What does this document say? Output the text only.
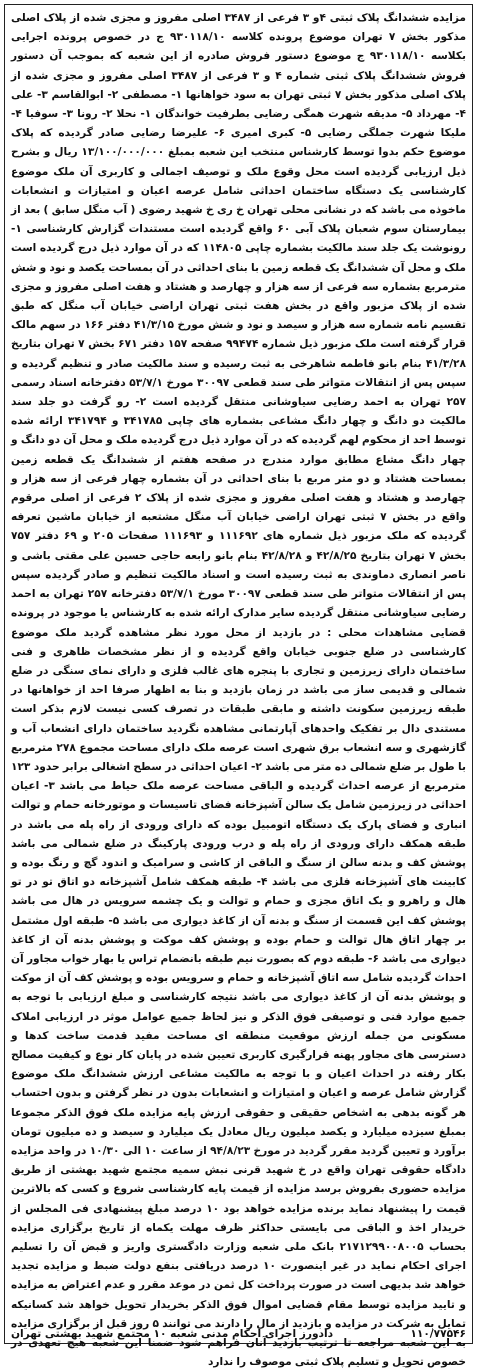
مزایده ششدانگ پلاک ثبتی ۴و ۳ فرعی از ۳۴۸۷ اصلی مفروز و مجزی شده از پلاک اصلی مذکور بخش ۷ تهران موضوع پرونده کلاسه ۹۳۰۱۱۸/۱۰ ج در خصوص پرونده اجرایی بکلاسه ۹۳۰۱۱۸/۱۰ ج موضوع دستور فروش صادره از این شعبه که بموجب آن دستور فروش ششدانگ پلاک ثبتی شماره ۴ و ۳ فرعی از ۳۴۸۷ اصلی مفروز و مجزی شده از پلاک اصلی مذکور بخش ۷ ثبتی تهران به سود خواهانها ۱- مصطفی ۲- ابوالقاسم ۳- علی ۴- مهرداد ۵- مدیقه شهرت همگی رضایی بطرفیت خواندگان ۱- نحلا ۲- رونا ۳- سوفیا ۴- ملیکا شهرت جملگی رضایی ۵- کبری امیری ۶- علیرضا رضایی صادر گردیده که پلاک موضوع حکم بدوا توسط کارشناس منتخب این شعبه بمبلغ ۱۳/۱۰۰/۰۰۰/۰۰۰ ریال و بشرح ذیل ارزیابی گردیده است محل وقوع ملک و توصیف اجمالی و کاربری آن ملک موضوع کارشناسی یک دستگاه ساختمان احداثی شامل عرصه اعیان و امتیازات و انشعابات ماخوذه می باشد که در نشانی محلی تهران خ ری خ شهید رضوی ( آب منگل سابق ) بعد از بیمارستان سوم شعبان پلاک آبی ۶۰ واقع گردیده است مستندات گزارش کارشناسی ۱- رونوشت یک جلد سند مالکیت بشماره چاپی ۱۱۴۸۰۵ که در آن موارد ذیل درج گردیده است ملک و محل آن ششدانگ یک قطعه زمین با بنای احداثی در آن بمساحت یکصد و نود و شش مترمربع بشماره سه فرعی از سه هزار و چهارصد و هشتاد و هفت اصلی مفروز و مجزی شده از پلاک مزبور واقع در بخش هفت ثبتی تهران اراضی خیابان آب منگل که طبق تقسیم نامه شماره سه هزار و سیصد و نود و شش مورخ ۴۱/۳/۱۵ دفتر ۱۶۶ در سهم مالک قرار گرفته است ملک مزبور ذیل شماره ۹۹۴۷۴ صفحه ۱۵۷ دفتر ۶۷۱ بخش ۷ تهران بتاریخ ۴۱/۳/۲۸ بنام بانو فاطمه شاهرخی به ثبت رسیده و سند مالکیت صادر و تنظیم گردیده و سپس پس از انتقالات متواتر طی سند قطعی ۳۰۰۹۷ مورخ ۵۳/۷/۱ دفترخانه اسناد رسمی ۲۵۷ تهران به احمد رضایی سیاوشانی منتقل گردیده است ۲- رو گرفت دو جلد سند مالکیت دو دانگ و چهار دانگ مشاعی بشماره های چاپی ۳۴۱۷۸۵ و ۳۴۱۷۹۴ ارائه شده توسط احد از محکوم لهم گردیده که در آن موارد ذیل درج گردیده ملک و محل آن دو دانگ و چهار دانگ مشاع مطابق موارد مندرج در صفحه هفتم از ششدانگ یک قطعه زمین بمساحت هشتاد و دو متر مربع با بنای احداثی در آن بشماره چهار فرعی از سه هزار و چهارصد و هشتاد و هفت اصلی مفروز و مجزی شده از پلاک ۲ فرعی از اصلی مرقوم واقع در بخش ۷ ثبتی تهران اراضی خیابان آب منگل مشتعبه از خیابان ماشین تعرفه گردیده که ملک مزبور ذیل شماره های ۱۱۱۶۹۲ و ۱۱۱۶۹۳ صفحات ۲۰۵ و ۶۹ دفتر ۷۵۷ بخش ۷ تهران بتاریخ ۴۲/۸/۲۵ و ۴۲/۸/۲۸ بنام بانو رابعه حاجی حسین علی مقتی باشی و ناصر انصاری دماوندی به ثبت رسیده است و اسناد مالکیت تنظیم و صادر گردیده سپس پس از انتقالات متواتر طی سند قطعی ۳۰۰۹۷ مورخ ۵۳/۷/۱ دفترخانه ۲۵۷ تهران به احمد رضایی سیاوشانی منتقل گردیده سایر مدارک ارائه شده به کارشناس یا موجود در پرونده قضایی مشاهدات محلی : در بازدید از محل مورد نظر مشاهده گردید ملک موضوع کارشناسی در ضلع جنوبی خیابان واقع گردیده و از نظر مشخصات ظاهری و فنی ساختمان دارای زیرزمین و تجاری با پنجره های غالب فلزی و دارای نمای سنگی در ضلع شمالی و قدیمی ساز می باشد در زمان بازدید و بنا به اظهار صرفا احد از خواهانها در طبقه زیرزمین سکونت داشته و مابقی طبقات در تصرف کسی نیست لازم بذکر است مستندی دال بر تفکیک واحدهای آپارتمانی مشاهده نگردید ساختمان دارای انشعاب آب و گازشهری و سه انشعاب برق شهری است عرصه ملک دارای مساحت مجموع ۲۷۸ مترمربع با طول بر ضلع شمالی ده متر می باشد ۲- اعیان احداثی در سطح اشغالی برابر حدود ۱۲۳ مترمربع از عرصه احداث گردیده و الباقی مساحت عرصه ملک حیاط می باشد ۳- اعیان احداثی در زیرزمین شامل یک سالن آشپزخانه فضای تاسیسات و موتورخانه حمام و توالت انباری و فضای پارک یک دستگاه اتومبیل بوده که دارای ورودی از راه پله می باشد در طبقه همکف دارای ورودی از راه پله و درب ورودی پارکینگ در ضلع شمالی می باشد پوشش کف و بدنه سالن از سنگ و الباقی از کاشی و سرامیک و اندود گچ و رنگ بوده و کابینت های آشپزخانه فلزی می باشد ۴- طبقه همکف شامل آشپزخانه دو اتاق تو در تو هال و راهرو و یک اتاق مجزی و حمام و توالت و یک چشمه سرویس در هال می باشد پوشش کف این قسمت از سنگ و بدنه آن از کاغذ دیواری می باشد ۵- طبقه اول مشتمل بر چهار اتاق هال توالت و حمام بوده و پوشش کف موکت و پوشش بدنه آن از کاغذ دیواری می باشد ۶- طبقه دوم که بصورت نیم طبقه بانضمام تراس یا بهار خواب مجاور آن احداث گردیده شامل سه اتاق آشپزخانه و حمام و سرویس بوده و پوشش کف آن از موکت و پوشش بدنه آن از کاغذ دیواری می باشد نتیجه کارشناسی و مبلغ ارزیابی با توجه به جمیع موارد فنی و توصیفی فوق الذکر و نیز لحاظ جمیع عوامل موثر در ارزیابی املاک مسکونی من جمله ارزش موقعیت منطقه ای مساحت مفید قدمت ساخت کدها و دسترسی های مجاور پهنه قرارگیری کاربری تعیین شده در پایان کار نوع و کیفیت مصالح بکار رفته در احداث اعیان و با توجه به مالکیت مشاعی ارزش ششدانگ ملک موضوع گزارش شامل عرصه و اعیان و امتیازات و انشعابات بدون در نظر گرفتن و بدون احتساب هر گونه بدهی به اشخاص حقیقی و حقوقی ارزش پایه مزایده ملک فوق الذکر مجموعا بمبلغ سیزده میلیارد و یکصد میلیون ریال معادل یک میلیارد و سیصد و ده میلیون تومان برآورد و تعیین گردید مقرر گردید در مورخ ۹۴/۸/۲۳ از ساعت ۱۰ الی ۱۰/۳۰ در واحد مزایده دادگاه حقوقی تهران واقع در خ شهید قرنی نبش سمیه مجتمع شهید بهشتی از طریق مزایده حضوری بفروش برسد مزایده از قیمت پایه کارشناسی شروع و کسی که بالاترین قیمت را پیشنهاد نماید برنده مزایده خواهد بود ۱۰ درصد مبلغ پیشنهادی فی المجلس از خریدار اخذ و الباقی می بایستی حداکثر ظرف مهلت یکماه از تاریخ برگزاری مزایده بحساب ۲۱۷۱۲۹۹۰۰۸۰۰۵ بانک ملی شعبه وزارت دادگستری واریز و قبض آن را تسلیم اجرای احکام نماید در غیر اینصورت ۱۰ درصد دریافتی بنفع دولت ضبط و مزایده تجدید خواهد شد بدیهی است در صورت پرداخت کل ثمن در موعد مقرر و عدم اعتراض به مزایده و تایید مزایده توسط مقام قضایی اموال فوق الذکر بخریدار تحویل خواهد شد کسانیکه تمایل به شرکت در مزایده و بازدید از مال را دارند می توانند ۵ روز قبل از برگزاری مزایده به این شعبه مراجعه تا ترتیب بازدید آنان فراهم شود ضمنا این شعبه هیچ تعهدی در خصوص تحویل و تسلیم پلاک ثبتی موصوف را ندارد

۱۱۰/۷۷۵۴۶
دادورز اجرای احکام مدنی شعبه ۱۰ مجتمع شهید بهشتی تهران
